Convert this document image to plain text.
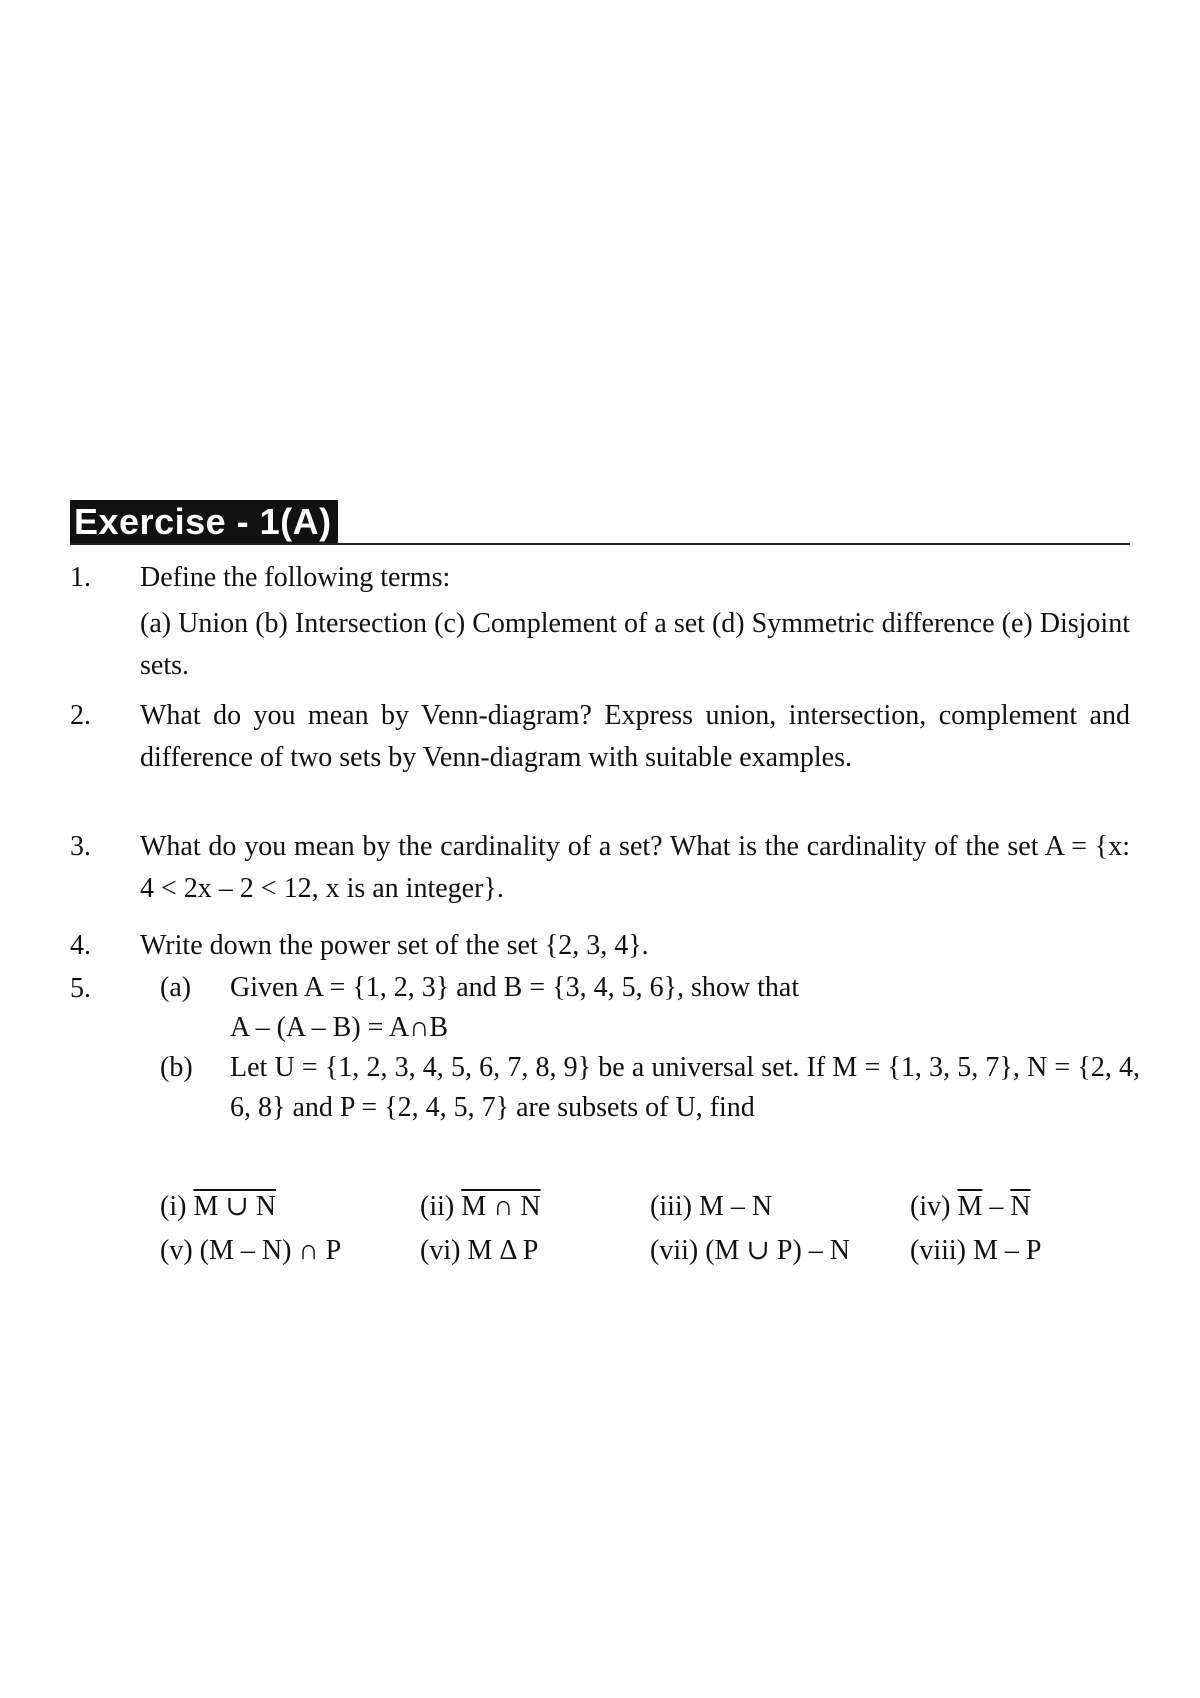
Exercise - 1(A)
1.	Define the following terms:
(a) Union (b) Intersection (c) Complement of a set (d) Symmetric difference (e) Disjoint sets.
2.	What do you mean by Venn-diagram? Express union, intersection, complement and difference of two sets by Venn-diagram with suitable examples.
3.	What do you mean by the cardinality of a set? What is the cardinality of the set A = {x: 4 < 2x – 2 < 12, x is an integer}.
4.	Write down the power set of the set {2, 3, 4}.
5.	(a) Given A = {1, 2, 3} and B = {3, 4, 5, 6}, show that
A – (A – B) = A∩B
(b) Let U = {1, 2, 3, 4, 5, 6, 7, 8, 9} be a universal set. If M = {1, 3, 5, 7}, N = {2, 4, 6, 8} and P = {2, 4, 5, 7} are subsets of U, find
(i) M ∪ N	(ii) M ∩ N	(iii) M – N	(iv) $\overline{M} - \overline{N}$
(v) (M – N) ∩ P	(vi) M Δ P	(vii) (M ∪ P) – N (viii) M – P
